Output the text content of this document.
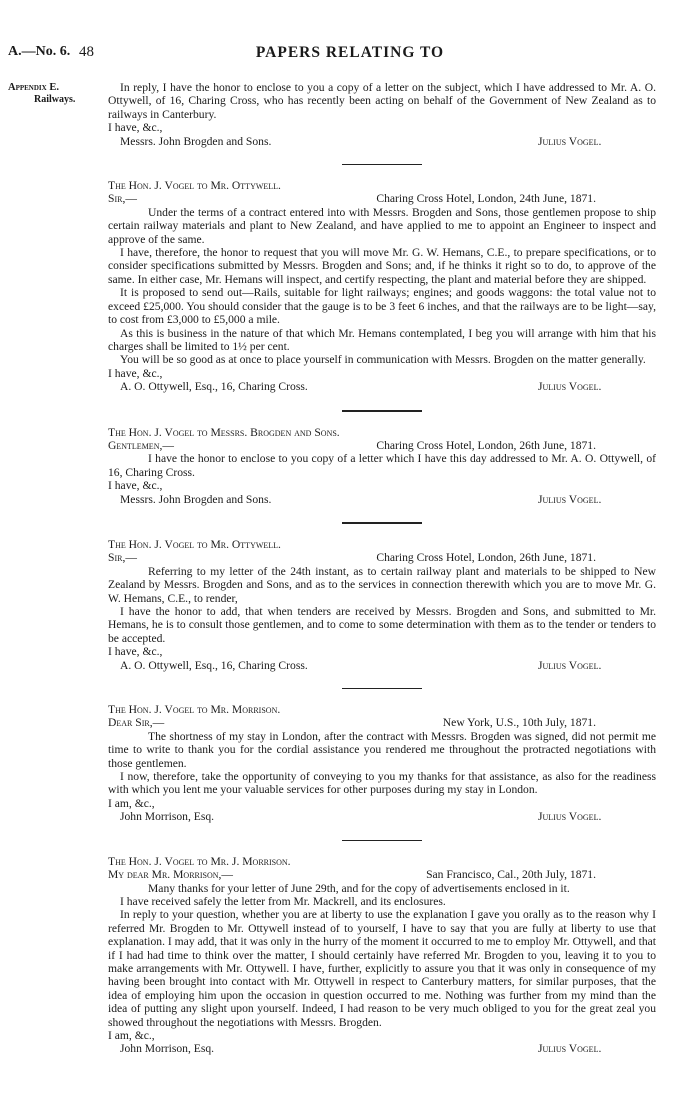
A.—No. 6. 48	PAPERS RELATING TO
Appendix E.
Railways.

In reply, I have the honor to enclose to you a copy of a letter on the subject, which I have addressed to Mr. A. O. Ottywell, of 16, Charing Cross, who has recently been acting on behalf of the Government of New Zealand as to railways in Canterbury.

I have, &c.,

Messrs. John Brogden and Sons.	Julius Vogel.

The Hon. J. Vogel to Mr. Ottywell.

Sir,—	Charing Cross Hotel, London, 24th June, 1871.

Under the terms of a contract entered into with Messrs. Brogden and Sons, those gentlemen propose to ship certain railway materials and plant to New Zealand, and have applied to me to appoint an Engineer to inspect and approve of the same.

I have, therefore, the honor to request that you will move Mr. G. W. Hemans, C.E., to prepare specifications, or to consider specifications submitted by Messrs. Brogden and Sons; and, if he thinks it right so to do, to approve of the same. In either case, Mr. Hemans will inspect, and certify respecting, the plant and material before they are shipped.

It is proposed to send out—Rails, suitable for light railways; engines; and goods waggons: the total value not to exceed £25,000. You should consider that the gauge is to be 3 feet 6 inches, and that the railways are to be light—say, to cost from £3,000 to £5,000 a mile.

As this is business in the nature of that which Mr. Hemans contemplated, I beg you will arrange with him that his charges shall be limited to 1½ per cent.

You will be so good as at once to place yourself in communication with Messrs. Brogden on the matter generally.

I have, &c.,

A. O. Ottywell, Esq., 16, Charing Cross.	Julius Vogel.

The Hon. J. Vogel to Messrs. Brogden and Sons.

Gentlemen,—	Charing Cross Hotel, London, 26th June, 1871.

I have the honor to enclose to you copy of a letter which I have this day addressed to Mr. A. O. Ottywell, of 16, Charing Cross.

I have, &c.,

Messrs. John Brogden and Sons.	Julius Vogel.

The Hon. J. Vogel to Mr. Ottywell.

Sir,—	Charing Cross Hotel, London, 26th June, 1871.

Referring to my letter of the 24th instant, as to certain railway plant and materials to be shipped to New Zealand by Messrs. Brogden and Sons, and as to the services in connection therewith which you are to move Mr. G. W. Hemans, C.E., to render,

I have the honor to add, that when tenders are received by Messrs. Brogden and Sons, and submitted to Mr. Hemans, he is to consult those gentlemen, and to come to some determination with them as to the tender or tenders to be accepted.

I have, &c.,

A. O. Ottywell, Esq., 16, Charing Cross.	Julius Vogel.

The Hon. J. Vogel to Mr. Morrison.

Dear Sir,—	New York, U.S., 10th July, 1871.

The shortness of my stay in London, after the contract with Messrs. Brogden was signed, did not permit me time to write to thank you for the cordial assistance you rendered me throughout the protracted negotiations with those gentlemen.

I now, therefore, take the opportunity of conveying to you my thanks for that assistance, as also for the readiness with which you lent me your valuable services for other purposes during my stay in London.

I am, &c.,

John Morrison, Esq.	Julius Vogel.

The Hon. J. Vogel to Mr. J. Morrison.

My dear Mr. Morrison,—	San Francisco, Cal., 20th July, 1871.

Many thanks for your letter of June 29th, and for the copy of advertisements enclosed in it.

I have received safely the letter from Mr. Mackrell, and its enclosures.

In reply to your question, whether you are at liberty to use the explanation I gave you orally as to the reason why I referred Mr. Brogden to Mr. Ottywell instead of to yourself, I have to say that you are fully at liberty to use that explanation. I may add, that it was only in the hurry of the moment it occurred to me to employ Mr. Ottywell, and that if I had had time to think over the matter, I should certainly have referred Mr. Brogden to you, leaving it to you to make arrangements with Mr. Ottywell. I have, further, explicitly to assure you that it was only in consequence of my having been brought into contact with Mr. Ottywell in respect to Canterbury matters, for similar purposes, that the idea of employing him upon the occasion in question occurred to me. Nothing was further from my mind than the idea of putting any slight upon yourself. Indeed, I had reason to be very much obliged to you for the great zeal you showed throughout the negotiations with Messrs. Brogden.

I am, &c.,

John Morrison, Esq.	Julius Vogel.
